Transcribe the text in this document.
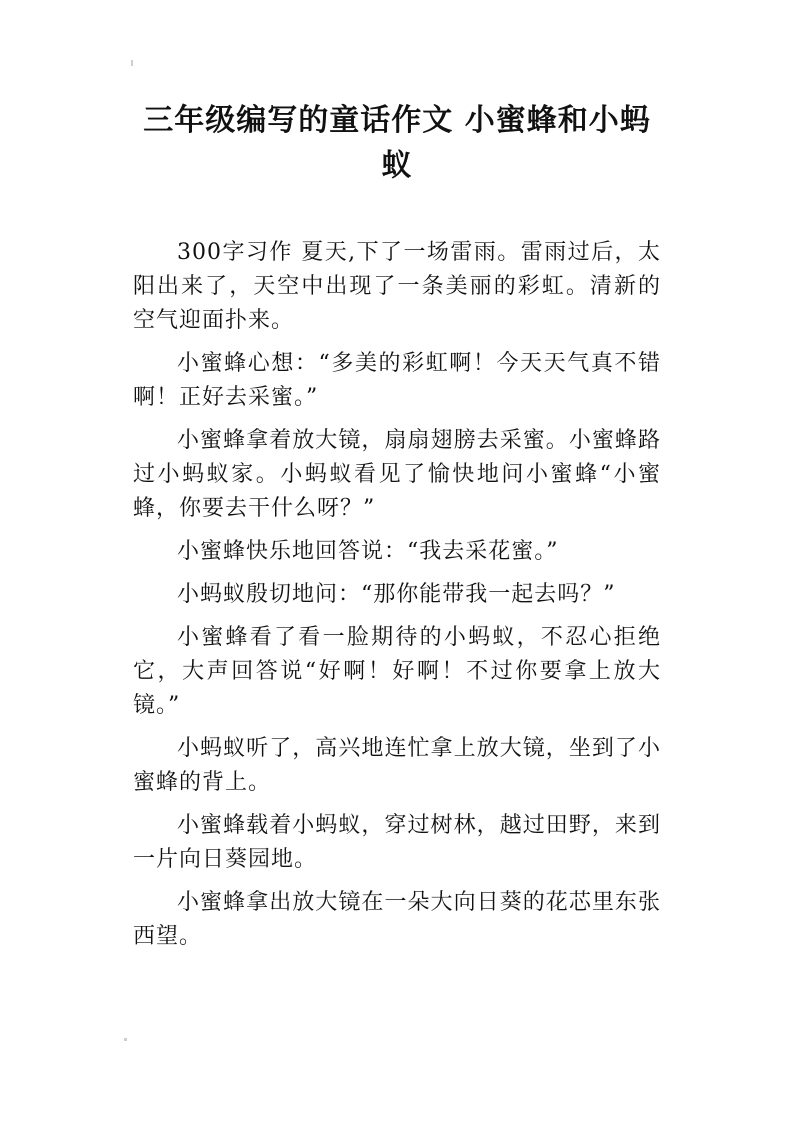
三年级编写的童话作文 小蜜蜂和小蚂蚁

300字习作 夏天,下了一场雷雨。雷雨过后，太阳出来了，天空中出现了一条美丽的彩虹。清新的空气迎面扑来。

小蜜蜂心想：“多美的彩虹啊！今天天气真不错啊！正好去采蜜。”

小蜜蜂拿着放大镜，扇扇翅膀去采蜜。小蜜蜂路过小蚂蚁家。小蚂蚁看见了愉快地问小蜜蜂“小蜜蜂，你要去干什么呀？”

小蜜蜂快乐地回答说：“我去采花蜜。”

小蚂蚁殷切地问：“那你能带我一起去吗？”

小蜜蜂看了看一脸期待的小蚂蚁，不忍心拒绝它，大声回答说“好啊！好啊！不过你要拿上放大镜。”

小蚂蚁听了，高兴地连忙拿上放大镜，坐到了小蜜蜂的背上。

小蜜蜂载着小蚂蚁，穿过树林，越过田野，来到一片向日葵园地。

小蜜蜂拿出放大镜在一朵大向日葵的花芯里东张西望。
